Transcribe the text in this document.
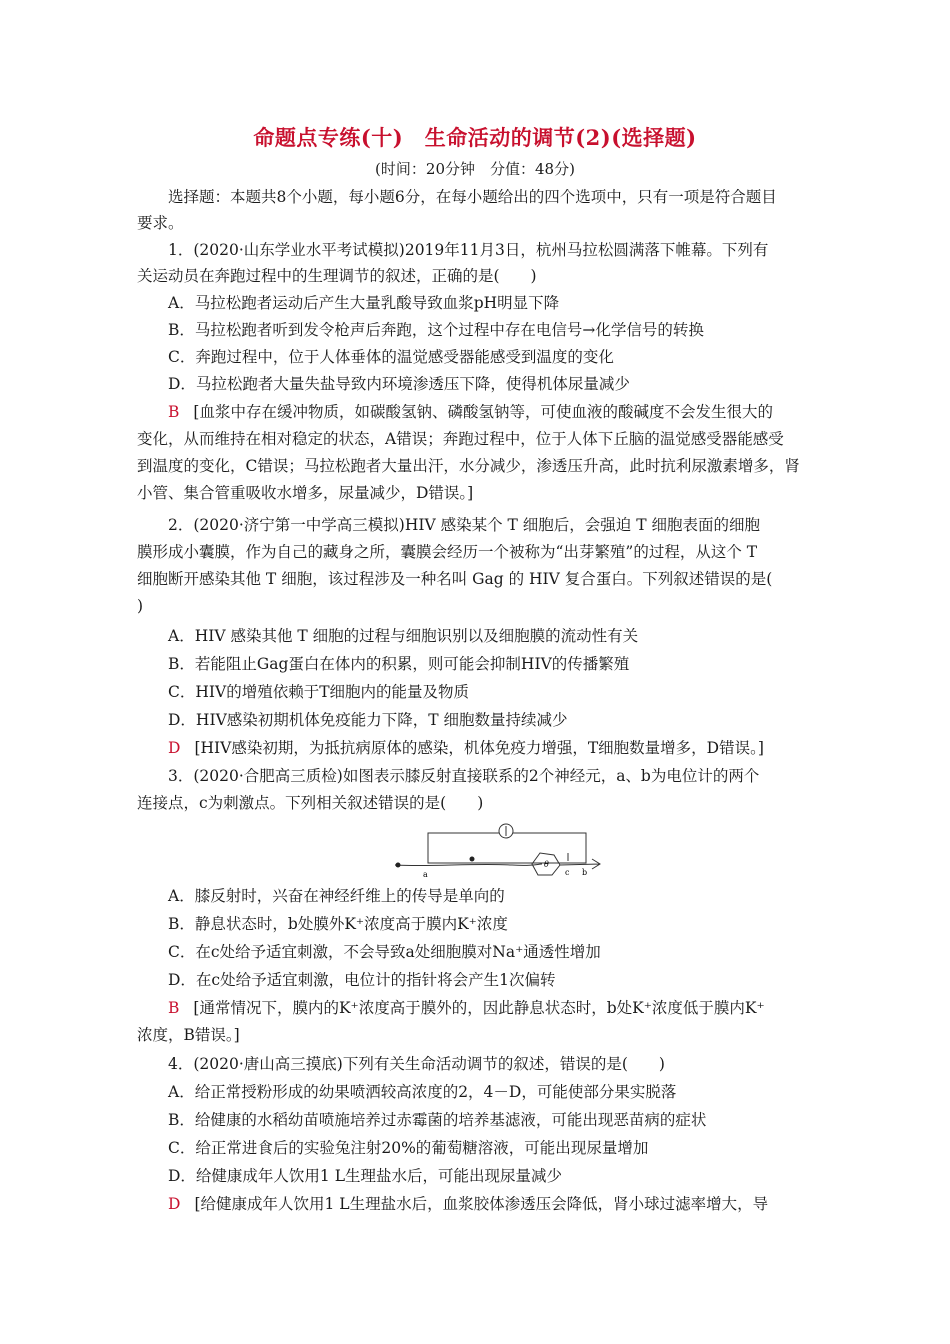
命题点专练(十)　生命活动的调节(2)(选择题)
(时间：20分钟　分值：48分)
选择题：本题共8个小题，每小题6分，在每小题给出的四个选项中，只有一项是符合题目
要求。
1．(2020·山东学业水平考试模拟)2019年11月3日，杭州马拉松圆满落下帷幕。下列有
关运动员在奔跑过程中的生理调节的叙述，正确的是(　　)
A．马拉松跑者运动后产生大量乳酸导致血浆pH明显下降
B．马拉松跑者听到发令枪声后奔跑，这个过程中存在电信号→化学信号的转换
C．奔跑过程中，位于人体垂体的温觉感受器能感受到温度的变化
D．马拉松跑者大量失盐导致内环境渗透压下降，使得机体尿量减少
B [血浆中存在缓冲物质，如碳酸氢钠、磷酸氢钠等，可使血液的酸碱度不会发生很大的
变化，从而维持在相对稳定的状态，A错误；奔跑过程中，位于人体下丘脑的温觉感受器能感受
到温度的变化，C错误；马拉松跑者大量出汗，水分减少，渗透压升高，此时抗利尿激素增多，肾
小管、集合管重吸收水增多，尿量减少，D错误。]
2．(2020·济宁第一中学高三模拟)HIV 感染某个 T 细胞后，会强迫 T 细胞表面的细胞
膜形成小囊膜，作为自己的藏身之所，囊膜会经历一个被称为“出芽繁殖”的过程，从这个 T
细胞断开感染其他 T 细胞，该过程涉及一种名叫 Gag 的 HIV 复合蛋白。下列叙述错误的是(
)
A．HIV 感染其他 T 细胞的过程与细胞识别以及细胞膜的流动性有关
B．若能阻止Gag蛋白在体内的积累，则可能会抑制HIV的传播繁殖
C．HIV的增殖依赖于T细胞内的能量及物质
D．HIV感染初期机体免疫能力下降，T 细胞数量持续减少
D [HIV感染初期，为抵抗病原体的感染，机体免疫力增强，T细胞数量增多，D错误。]
3．(2020·合肥高三质检)如图表示膝反射直接联系的2个神经元，a、b为电位计的两个
连接点，c为刺激点。下列相关叙述错误的是(　　)
θ
a	c b
A．膝反射时，兴奋在神经纤维上的传导是单向的
B．静息状态时，b处膜外K⁺浓度高于膜内K⁺浓度
C．在c处给予适宜刺激，不会导致a处细胞膜对Na⁺通透性增加
D．在c处给予适宜刺激，电位计的指针将会产生1次偏转
B [通常情况下，膜内的K⁺浓度高于膜外的，因此静息状态时，b处K⁺浓度低于膜内K⁺
浓度，B错误。]
4．(2020·唐山高三摸底)下列有关生命活动调节的叙述，错误的是(　　)
A．给正常授粉形成的幼果喷洒较高浓度的2，4－D，可能使部分果实脱落
B．给健康的水稻幼苗喷施培养过赤霉菌的培养基滤液，可能出现恶苗病的症状
C．给正常进食后的实验兔注射20%的葡萄糖溶液，可能出现尿量增加
D．给健康成年人饮用1 L生理盐水后，可能出现尿量减少
D [给健康成年人饮用1 L生理盐水后，血浆胶体渗透压会降低，肾小球过滤率增大，导
